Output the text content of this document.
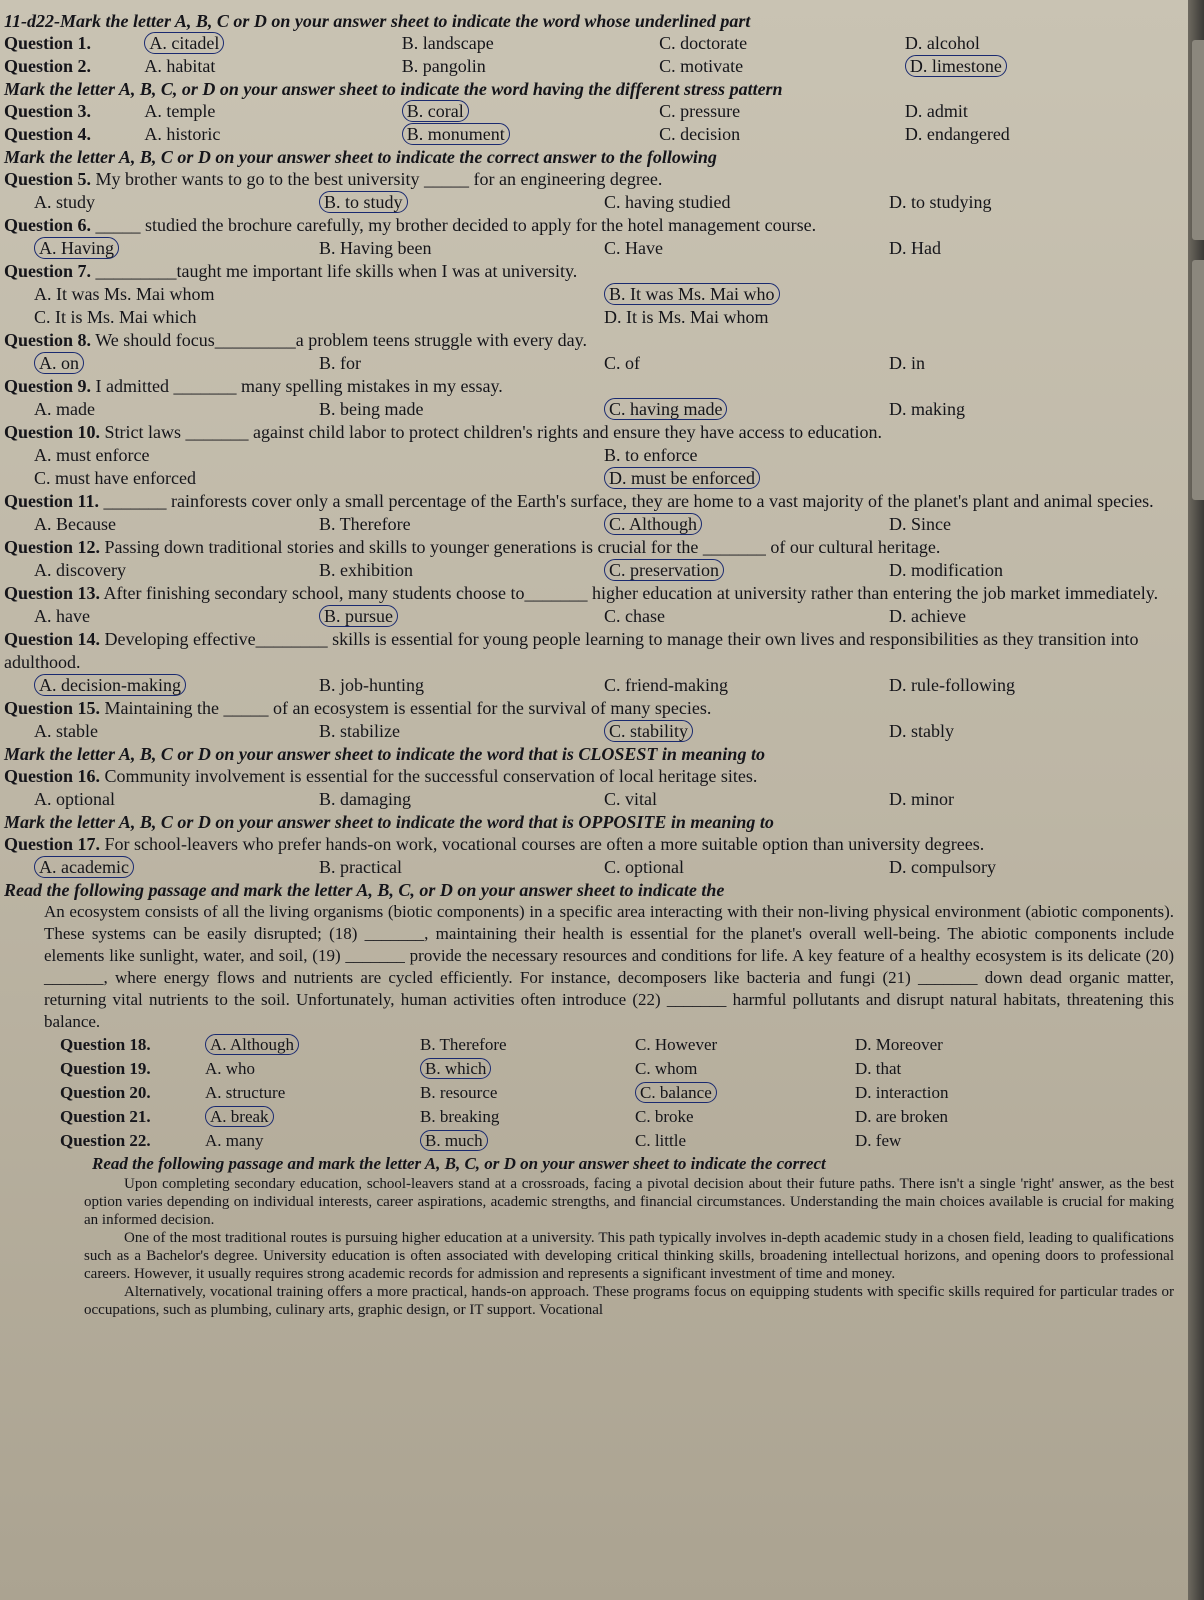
11-d22-Mark the letter A, B, C or D on your answer sheet to indicate the word whose underlined part

Question 1.	A. citadel	B. landscape	C. doctorate	D. alcohol
Question 2.	A. habitat	B. pangolin	C. motivate	D. limestone

Mark the letter A, B, C, or D on your answer sheet to indicate the word having the different stress pattern

Question 3.	A. temple	B. coral	C. pressure	D. admit
Question 4.	A. historic	B. monument	C. decision	D. endangered

Mark the letter A, B, C or D on your answer sheet to indicate the correct answer to the following

Question 5. My brother wants to go to the best university _____ for an engineering degree.

A. study	B. to study	C. having studied	D. to studying

Question 6. _____ studied the brochure carefully, my brother decided to apply for the hotel management course.

A. Having	B. Having been	C. Have	D. Had

Question 7. _________taught me important life skills when I was at university.

A. It was Ms. Mai whom	B. It was Ms. Mai who
C. It is Ms. Mai which	D. It is Ms. Mai whom

Question 8. We should focus_________a problem teens struggle with every day.

A. on	B. for	C. of	D. in

Question 9. I admitted _______ many spelling mistakes in my essay.

A. made	B. being made	C. having made	D. making

Question 10. Strict laws _______ against child labor to protect children's rights and ensure they have access to education.

A. must enforce	B. to enforce
C. must have enforced	D. must be enforced

Question 11. _______ rainforests cover only a small percentage of the Earth's surface, they are home to a vast majority of the planet's plant and animal species.

A. Because	B. Therefore	C. Although	D. Since

Question 12. Passing down traditional stories and skills to younger generations is crucial for the _______ of our cultural heritage.

A. discovery	B. exhibition	C. preservation	D. modification

Question 13. After finishing secondary school, many students choose to_______ higher education at university rather than entering the job market immediately.

A. have	B. pursue	C. chase	D. achieve

Question 14. Developing effective________ skills is essential for young people learning to manage their own lives and responsibilities as they transition into adulthood.

A. decision-making	B. job-hunting	C. friend-making	D. rule-following

Question 15. Maintaining the _____ of an ecosystem is essential for the survival of many species.

A. stable	B. stabilize	C. stability	D. stably

Mark the letter A, B, C or D on your answer sheet to indicate the word that is CLOSEST in meaning to

Question 16. Community involvement is essential for the successful conservation of local heritage sites.

A. optional	B. damaging	C. vital	D. minor

Mark the letter A, B, C or D on your answer sheet to indicate the word that is OPPOSITE in meaning to

Question 17. For school-leavers who prefer hands-on work, vocational courses are often a more suitable option than university degrees.

A. academic	B. practical	C. optional	D. compulsory

Read the following passage and mark the letter A, B, C, or D on your answer sheet to indicate the

An ecosystem consists of all the living organisms (biotic components) in a specific area interacting with their non-living physical environment (abiotic components). These systems can be easily disrupted; (18) _______, maintaining their health is essential for the planet's overall well-being. The abiotic components include elements like sunlight, water, and soil, (19) _______ provide the necessary resources and conditions for life. A key feature of a healthy ecosystem is its delicate (20) _______, where energy flows and nutrients are cycled efficiently. For instance, decomposers like bacteria and fungi (21) _______ down dead organic matter, returning vital nutrients to the soil. Unfortunately, human activities often introduce (22) _______ harmful pollutants and disrupt natural habitats, threatening this balance.

Question 18.	A. Although	B. Therefore	C. However	D. Moreover
Question 19.	A. who	B. which	C. whom	D. that
Question 20.	A. structure	B. resource	C. balance	D. interaction
Question 21.	A. break	B. breaking	C. broke	D. are broken
Question 22.	A. many	B. much	C. little	D. few

Read the following passage and mark the letter A, B, C, or D on your answer sheet to indicate the correct

Upon completing secondary education, school-leavers stand at a crossroads, facing a pivotal decision about their future paths. There isn't a single 'right' answer, as the best option varies depending on individual interests, career aspirations, academic strengths, and financial circumstances. Understanding the main choices available is crucial for making an informed decision.

One of the most traditional routes is pursuing higher education at a university. This path typically involves in-depth academic study in a chosen field, leading to qualifications such as a Bachelor's degree. University education is often associated with developing critical thinking skills, broadening intellectual horizons, and opening doors to professional careers. However, it usually requires strong academic records for admission and represents a significant investment of time and money.

Alternatively, vocational training offers a more practical, hands-on approach. These programs focus on equipping students with specific skills required for particular trades or occupations, such as plumbing, culinary arts, graphic design, or IT support. Vocational
